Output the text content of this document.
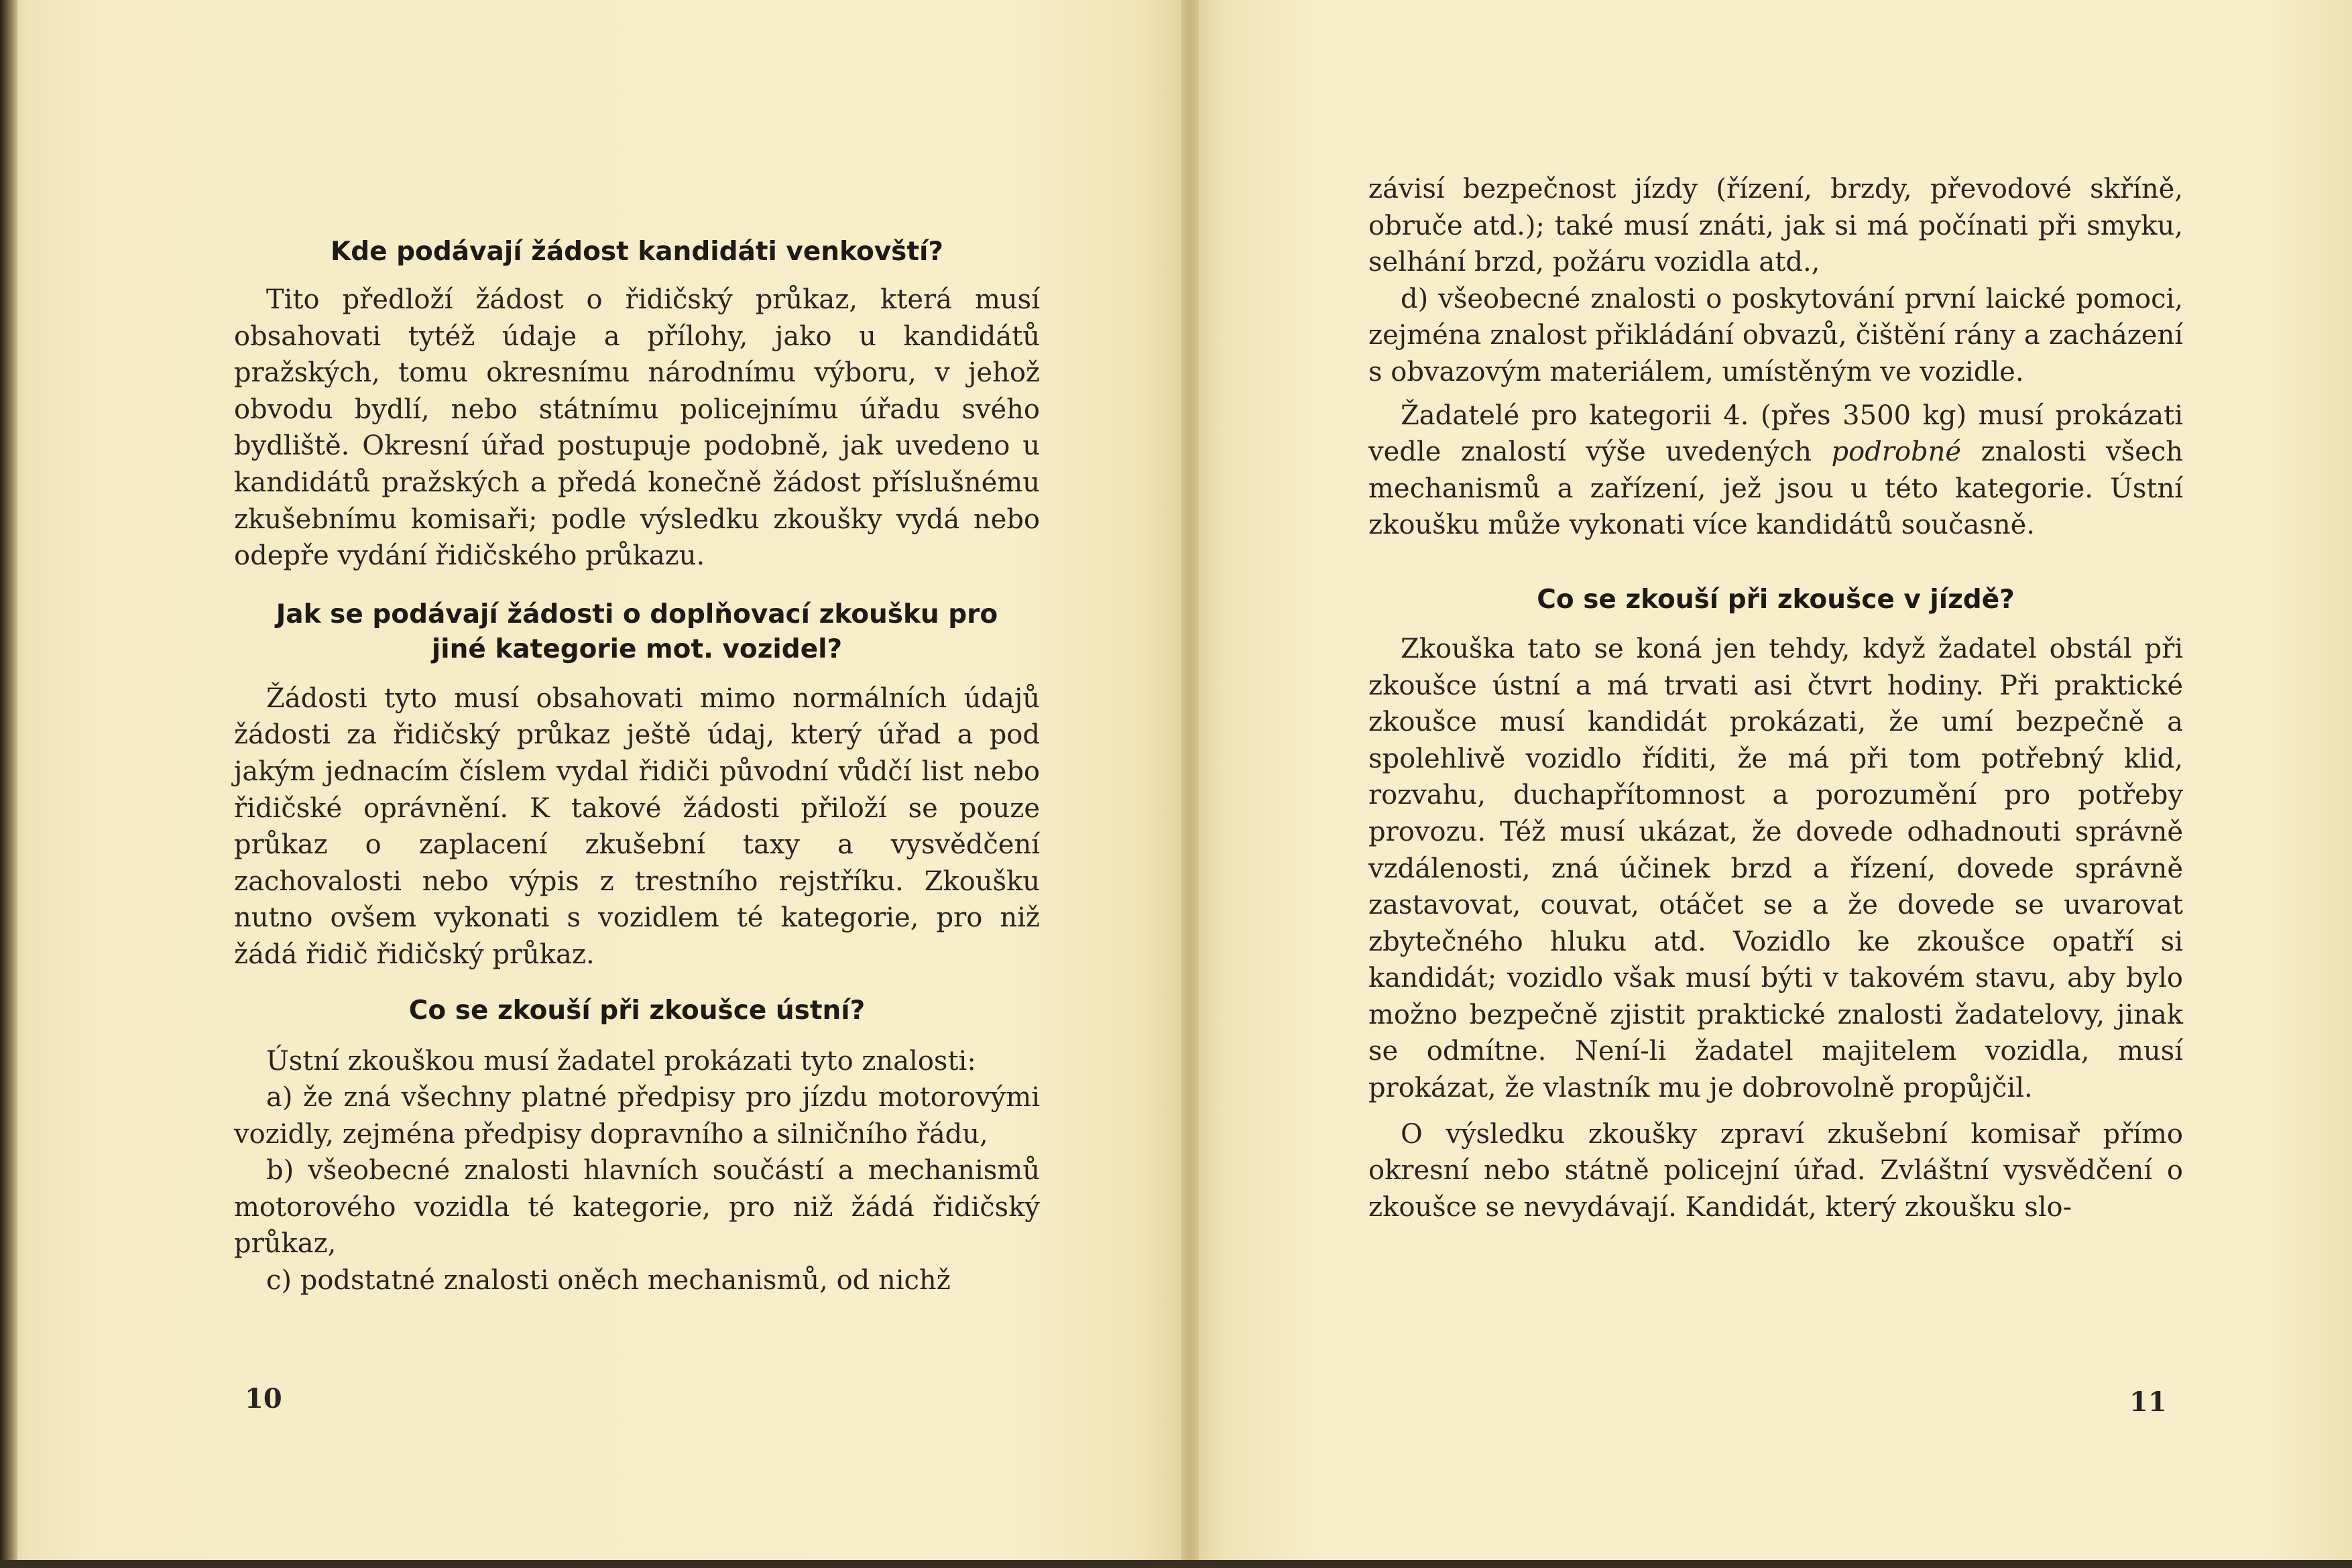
Kde podávají žádost kandidáti venkovští?

Tito předloží žádost o řidičský průkaz, která musí obsahovati tytéž údaje a přílohy, jako u kandidátů pražských, tomu okresnímu národnímu výboru, v jehož obvodu bydlí, nebo státnímu policejnímu úřadu svého bydliště. Okresní úřad postupuje podobně, jak uvedeno u kandidátů pražských a předá konečně žádost příslušnému zkušebnímu komisaři; podle výsledku zkoušky vydá nebo odepře vydání řidičského průkazu.

Jak se podávají žádosti o doplňovací zkoušku pro
jiné kategorie mot. vozidel?

Žádosti tyto musí obsahovati mimo normálních údajů žádosti za řidičský průkaz ještě údaj, který úřad a pod jakým jednacím číslem vydal řidiči původní vůdčí list nebo řidičské oprávnění. K takové žádosti přiloží se pouze průkaz o zaplacení zkušební taxy a vysvědčení zachovalosti nebo výpis z trestního rejstříku. Zkoušku nutno ovšem vykonati s vozidlem té kategorie, pro niž žádá řidič řidičský průkaz.

Co se zkouší při zkoušce ústní?

Ústní zkouškou musí žadatel prokázati tyto znalosti:

a) že zná všechny platné předpisy pro jízdu motorovými vozidly, zejména předpisy dopravního a silničního řádu,

b) všeobecné znalosti hlavních součástí a mechanismů motorového vozidla té kategorie, pro niž žádá řidičský průkaz,

c) podstatné znalosti oněch mechanismů, od nichž

10

závisí bezpečnost jízdy (řízení, brzdy, převodové skříně, obruče atd.); také musí znáti, jak si má počínati při smyku, selhání brzd, požáru vozidla atd.,

d) všeobecné znalosti o poskytování první laické pomoci, zejména znalost přikládání obvazů, čištění rány a zacházení s obvazovým materiálem, umístěným ve vozidle.

Žadatelé pro kategorii 4. (přes 3500 kg) musí prokázati vedle znalostí výše uvedených podrobné znalosti všech mechanismů a zařízení, jež jsou u této kategorie. Ústní zkoušku může vykonati více kandidátů současně.

Co se zkouší při zkoušce v jízdě?

Zkouška tato se koná jen tehdy, když žadatel obstál při zkoušce ústní a má trvati asi čtvrt hodiny. Při praktické zkoušce musí kandidát prokázati, že umí bezpečně a spolehlivě vozidlo říditi, že má při tom potřebný klid, rozvahu, duchapřítomnost a porozumění pro potřeby provozu. Též musí ukázat, že dovede odhadnouti správně vzdálenosti, zná účinek brzd a řízení, dovede správně zastavovat, couvat, otáčet se a že dovede se uvarovat zbytečného hluku atd. Vozidlo ke zkoušce opatří si kandidát; vozidlo však musí býti v takovém stavu, aby bylo možno bezpečně zjistit praktické znalosti žadatelovy, jinak se odmítne. Není-li žadatel majitelem vozidla, musí prokázat, že vlastník mu je dobrovolně propůjčil.

O výsledku zkoušky zpraví zkušební komisař přímo okresní nebo státně policejní úřad. Zvláštní vysvědčení o zkoušce se nevydávají. Kandidát, který zkoušku slo-

11
